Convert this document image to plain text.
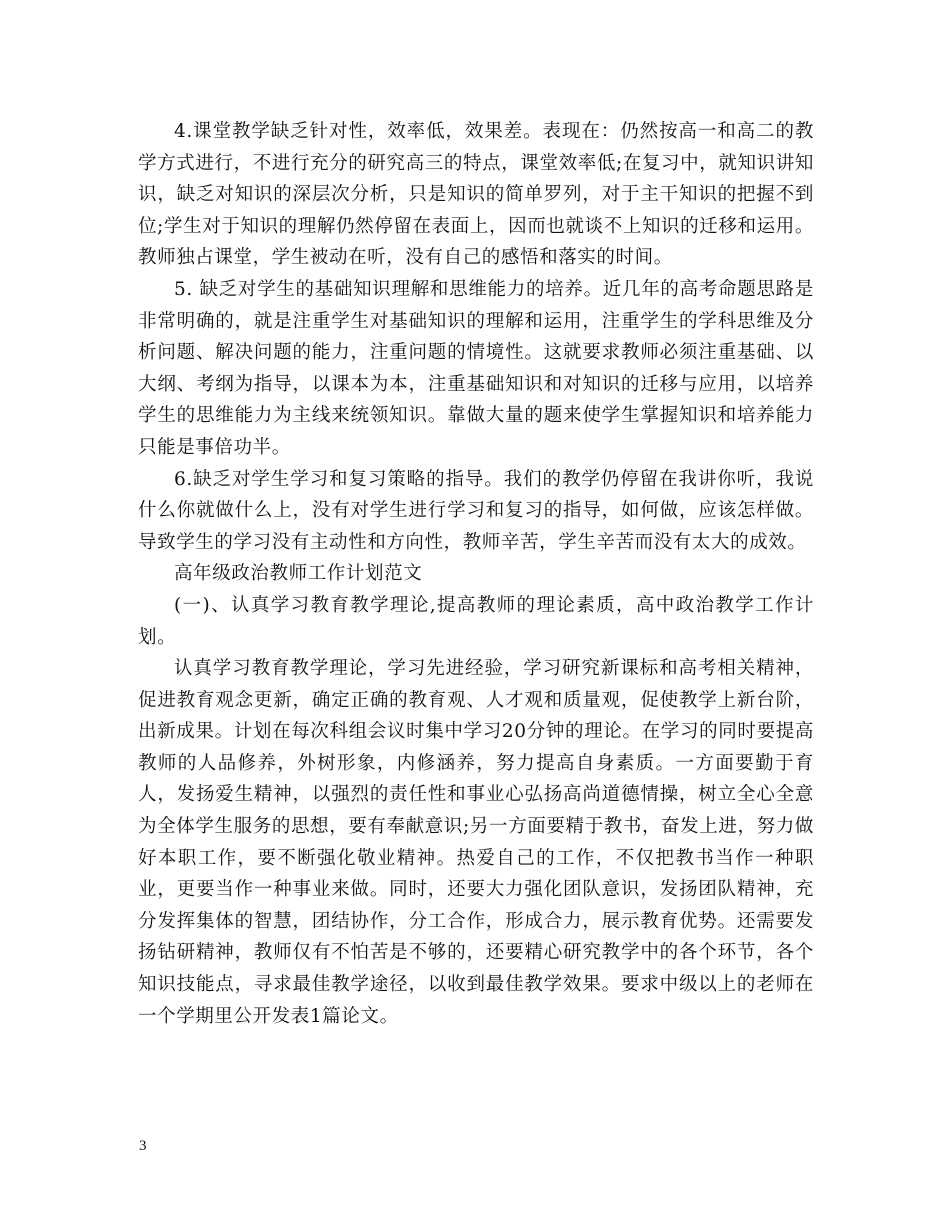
4.课堂教学缺乏针对性，效率低，效果差。表现在：仍然按高一和高二的教学方式进行，不进行充分的研究高三的特点，课堂效率低;在复习中，就知识讲知识，缺乏对知识的深层次分析，只是知识的简单罗列，对于主干知识的把握不到位;学生对于知识的理解仍然停留在表面上，因而也就谈不上知识的迁移和运用。教师独占课堂，学生被动在听，没有自己的感悟和落实的时间。

5. 缺乏对学生的基础知识理解和思维能力的培养。近几年的高考命题思路是非常明确的，就是注重学生对基础知识的理解和运用，注重学生的学科思维及分析问题、解决问题的能力，注重问题的情境性。这就要求教师必须注重基础、以大纲、考纲为指导，以课本为本，注重基础知识和对知识的迁移与应用，以培养学生的思维能力为主线来统领知识。靠做大量的题来使学生掌握知识和培养能力只能是事倍功半。

6.缺乏对学生学习和复习策略的指导。我们的教学仍停留在我讲你听，我说什么你就做什么上，没有对学生进行学习和复习的指导，如何做，应该怎样做。导致学生的学习没有主动性和方向性，教师辛苦，学生辛苦而没有太大的成效。

高年级政治教师工作计划范文

(一)、认真学习教育教学理论,提高教师的理论素质，高中政治教学工作计划。

认真学习教育教学理论，学习先进经验，学习研究新课标和高考相关精神，促进教育观念更新，确定正确的教育观、人才观和质量观，促使教学上新台阶，出新成果。计划在每次科组会议时集中学习20分钟的理论。在学习的同时要提高教师的人品修养，外树形象，内修涵养，努力提高自身素质。一方面要勤于育人，发扬爱生精神，以强烈的责任性和事业心弘扬高尚道德情操，树立全心全意为全体学生服务的思想，要有奉献意识;另一方面要精于教书，奋发上进，努力做好本职工作，要不断强化敬业精神。热爱自己的工作，不仅把教书当作一种职业，更要当作一种事业来做。同时，还要大力强化团队意识，发扬团队精神，充分发挥集体的智慧，团结协作，分工合作，形成合力，展示教育优势。还需要发扬钻研精神，教师仅有不怕苦是不够的，还要精心研究教学中的各个环节，各个知识技能点，寻求最佳教学途径，以收到最佳教学效果。要求中级以上的老师在一个学期里公开发表1篇论文。

3
